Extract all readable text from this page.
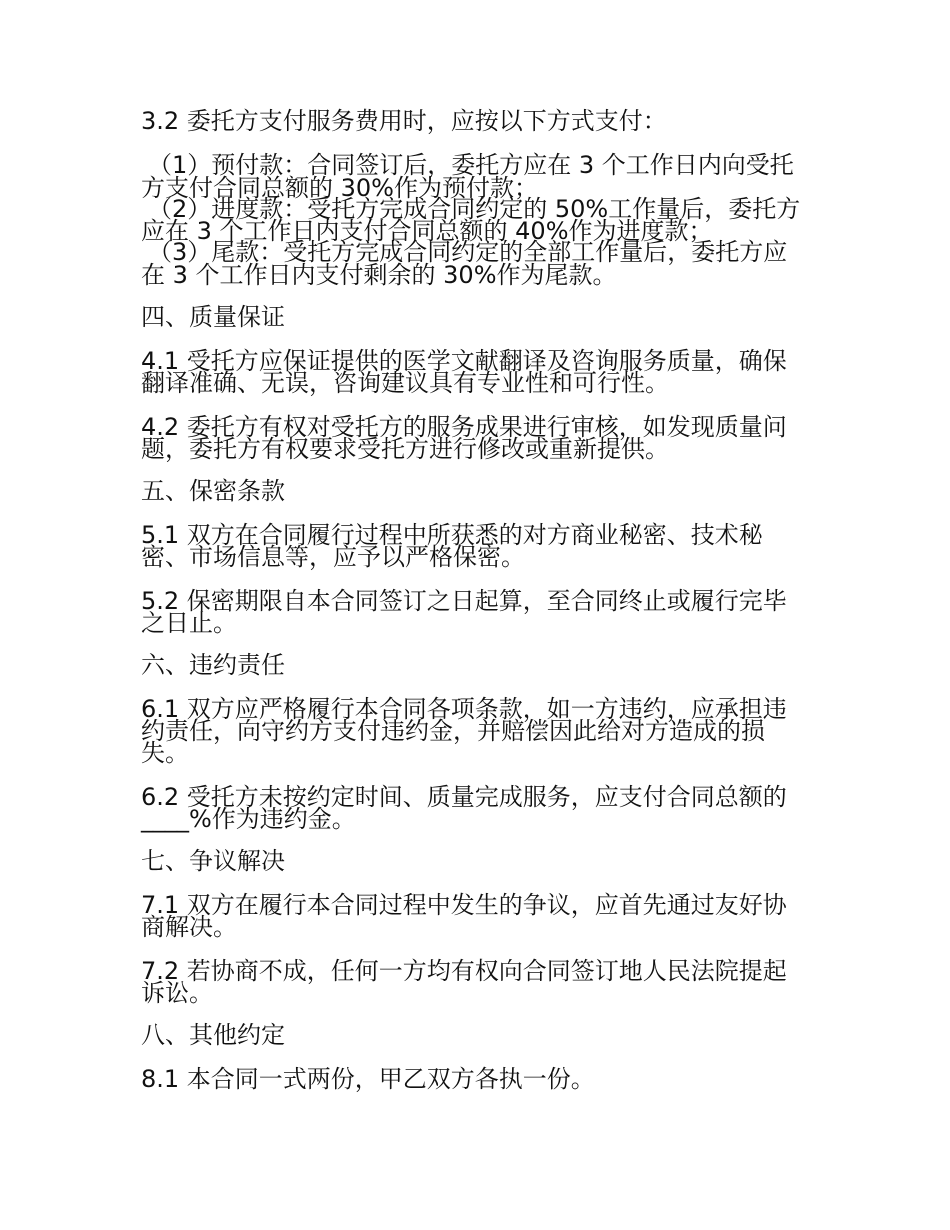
3.2 委托方支付服务费用时，应按以下方式支付：
（1）预付款：合同签订后，委托方应在 3 个工作日内向受托
方支付合同总额的 30%作为预付款；
（2）进度款：受托方完成合同约定的 50%工作量后，委托方
应在 3 个工作日内支付合同总额的 40%作为进度款；
（3）尾款：受托方完成合同约定的全部工作量后，委托方应
在 3 个工作日内支付剩余的 30%作为尾款。
四、质量保证
4.1 受托方应保证提供的医学文献翻译及咨询服务质量，确保
翻译准确、无误，咨询建议具有专业性和可行性。
4.2 委托方有权对受托方的服务成果进行审核，如发现质量问
题，委托方有权要求受托方进行修改或重新提供。
五、保密条款
5.1 双方在合同履行过程中所获悉的对方商业秘密、技术秘
密、市场信息等，应予以严格保密。
5.2 保密期限自本合同签订之日起算，至合同终止或履行完毕
之日止。
六、违约责任
6.1 双方应严格履行本合同各项条款，如一方违约，应承担违
约责任，向守约方支付违约金，并赔偿因此给对方造成的损
失。
6.2 受托方未按约定时间、质量完成服务，应支付合同总额的
____%作为违约金。
七、争议解决
7.1 双方在履行本合同过程中发生的争议，应首先通过友好协
商解决。
7.2 若协商不成，任何一方均有权向合同签订地人民法院提起
诉讼。
八、其他约定
8.1 本合同一式两份，甲乙双方各执一份。
